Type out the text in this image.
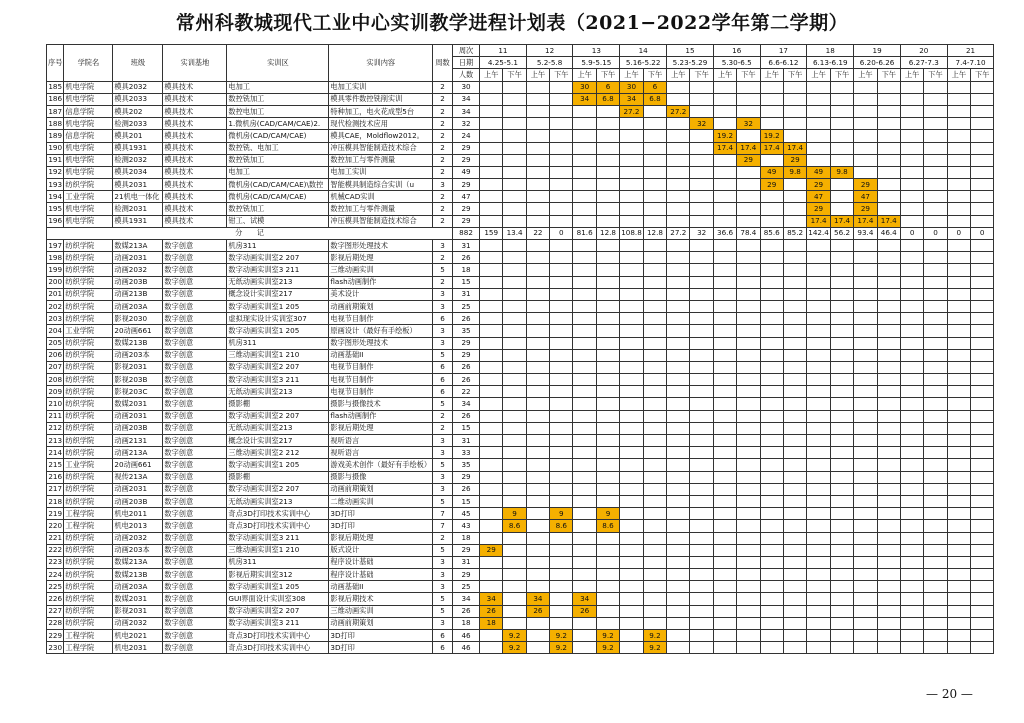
常州科教城现代工业中心实训教学进程计划表（2021−2022学年第二学期）
序号	学院名	班级	实训基地	实训区	实训内容	周数	周次	11		12		13		14		15		16		17		18		19		20		21	
							日期	4.25-5.1		5.2-5.8		5.9-5.15		5.16-5.22		5.23-5.29		5.30-6.5		6.6-6.12		6.13-6.19		6.20-6.26		6.27-7.3		7.4-7.10	
							人数	上午	下午	上午	下午	上午	下午	上午	下午	上午	下午	上午	下午	上午	下午	上午	下午	上午	下午	上午	下午	上午	下午
185	机电学院	模具2032	模具技术	电加工	电加工实训	2	30					30	6	30	6														
186	机电学院	模具2033	模具技术	数控铣加工	模具零件数控铣削实训	2	34					34	6.8	34	6.8														
187	信息学院	模具202	模具技术	数控电加工	特种加工，电火花成型5台	2	34							27.2		27.2													
188	机电学院	检测2033	模具技术	1.微机房(CAD/CAM/CAE)2.	现代检测技术应用	2	32										32		32										
189	信息学院	模具201	模具技术	微机房(CAD/CAM/CAE)	模具CAE，Moldflow2012。	2	24											19.2		19.2									
190	机电学院	模具1931	模具技术	数控铣、电加工	冲压模具智能制造技术综合	2	29											17.4	17.4	17.4	17.4								
191	机电学院	检测2032	模具技术	数控铣加工	数控加工与零件测量	2	29												29		29								
192	机电学院	模具2034	模具技术	电加工	电加工实训	2	49													49	9.8	49	9.8						
193	纺织学院	模具2031	模具技术	微机房(CAD/CAM/CAE)\数控	智能模具制造综合实训（u	3	29													29		29		29					
194	工业学院	21机电一体化	模具技术	微机房(CAD/CAM/CAE)	机械CAD实训	2	47															47		47					
195	机电学院	检测2031	模具技术	数控铣加工	数控加工与零件测量	2	29															29		29					
196	机电学院	模具1931	模具技术	钳工、试模	冲压模具智能制造技术综合	2	29															17.4	17.4	17.4	17.4				
分　　记							882	159	13.4	22	0	81.6	12.8	108.8	12.8	27.2	32	36.6	78.4	85.6	85.2	142.4	56.2	93.4	46.4	0	0	0	0
197	纺织学院	数媒213A	数字创意	机房311	数字图形处理技术	3	31																						
198	纺织学院	动画2031	数字创意	数字动画实训室2 207	影视后期处理	2	26																						
199	纺织学院	动画2032	数字创意	数字动画实训室3 211	三维动画实训	5	18																						
200	纺织学院	动画203B	数字创意	无纸动画实训室213	flash动画制作	2	15																						
201	纺织学院	动画213B	数字创意	概念设计实训室217	美术设计	3	31																						
202	纺织学院	动画203A	数字创意	数字动画实训室1 205	动画前期策划	3	25																						
203	纺织学院	影视2030	数字创意	虚拟现实设计实训室307	电视节目制作	6	26																						
204	工业学院	20动画661	数字创意	数字动画实训室1 205	原画设计（最好有手绘板）	3	35																						
205	纺织学院	数媒213B	数字创意	机房311	数字图形处理技术	3	29																						
206	纺织学院	动画203本	数字创意	三维动画实训室1 210	动画基础II	5	29																						
207	纺织学院	影视2031	数字创意	数字动画实训室2 207	电视节目制作	6	26																						
208	纺织学院	影视203B	数字创意	数字动画实训室3 211	电视节目制作	6	26																						
209	纺织学院	影视203C	数字创意	无纸动画实训室213	电视节目制作	6	22																						
210	纺织学院	数媒2031	数字创意	摄影棚	摄影与摄像技术	5	34																						
211	纺织学院	动画2031	数字创意	数字动画实训室2 207	flash动画制作	2	26																						
212	纺织学院	动画203B	数字创意	无纸动画实训室213	影视后期处理	2	15																						
213	纺织学院	动画2131	数字创意	概念设计实训室217	视听语言	3	31																						
214	纺织学院	动画213A	数字创意	三维动画实训室2 212	视听语言	3	33																						
215	工业学院	20动画661	数字创意	数字动画实训室1 205	游戏美术创作（最好有手绘板）	5	35																						
216	纺织学院	视传213A	数字创意	摄影棚	摄影与摄像	3	29																						
217	纺织学院	动画2031	数字创意	数字动画实训室2 207	动画前期策划	3	26																						
218	纺织学院	动画203B	数字创意	无纸动画实训室213	二维动画实训	5	15																						
219	工程学院	机电2011	数字创意	奇点3D打印技术实训中心	3D打印	7	45		9		9		9																
220	工程学院	机电2013	数字创意	奇点3D打印技术实训中心	3D打印	7	43		8.6		8.6		8.6																
221	纺织学院	动画2032	数字创意	数字动画实训室3 211	影视后期处理	2	18																						
222	纺织学院	动画203本	数字创意	三维动画实训室1 210	版式设计	5	29	29																					
223	纺织学院	数媒213A	数字创意	机房311	程序设计基础	3	31																						
224	纺织学院	数媒213B	数字创意	影视后期实训室312	程序设计基础	3	29																						
225	纺织学院	动画203A	数字创意	数字动画实训室1 205	动画基础II	3	25																						
226	纺织学院	数媒2031	数字创意	GUI界面设计实训室308	影视后期技术	5	34	34		34		34																	
227	纺织学院	影视2031	数字创意	数字动画实训室2 207	三维动画实训	5	26	26		26		26																	
228	纺织学院	动画2032	数字创意	数字动画实训室3 211	动画前期策划	3	18	18																					
229	工程学院	机电2021	数字创意	奇点3D打印技术实训中心	3D打印	6	46		9.2		9.2		9.2		9.2														
230	工程学院	机电2031	数字创意	奇点3D打印技术实训中心	3D打印	6	46		9.2		9.2		9.2		9.2														
— 20 —
